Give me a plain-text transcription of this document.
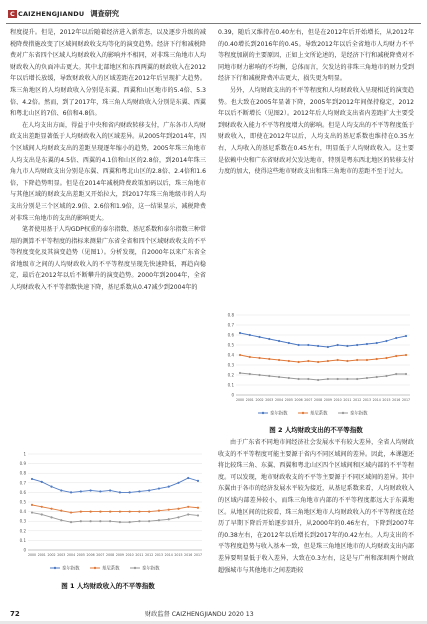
C CAIZHENGJIANDU 调查研究

程度提升。但是，2012年以后随着经济进入新常态，以及逐步升级的减税降费措施改变了区域间财政收支均等化的演变趋势。经济下行和减税降费对广东省四个区域人均财政收入的影响并不相同，对非珠三角地市人均财政收入的负面冲击更大。其中北部地区和东西两翼的财政收入在2012年以后增长放缓，导致财政收入的区域差距在2012年后呈现扩大趋势。珠三角地区的人均财政收入分别是东翼、西翼和山区地市的5.4倍、5.3倍、4.2倍。然而，到了2017年，珠三角人均财政收入分别是东翼、西翼和粤北山区的7倍、6倍和4.8倍。

在人均支出方面，得益于中央和省内财政转移支付，广东各市人均财政支出差距显著低于人均财政收入的区域差异。从2005年到2014年，四个区域间人均财政支出的差距呈现逐年缩小的趋势，2005年珠三角地市人均支出是东翼的4.5倍、西翼的4.1倍和山区的2.8倍，到2014年珠三角九市人均财政支出分别是东翼、西翼和粤北山区的2.8倍、2.4倍和1.6倍，下降趋势明显。但是在2014年减税降费政策加码以后，珠三角地市与其他区域的财政支出差距又开始拉大，到2017年珠三角地级市的人均支出分别是三个区域的2.9倍、2.6倍和1.9倍，这一结果显示，减税降费对非珠三角地市的支出的影响更大。

笔者使用基于人均GDP权重的泰尔指数、基尼系数和泰尔指数三种常用的测算不平等程度的指标来测量广东省全省和四个区域财政收支的不平等程度变化及其演变趋势（见图1）。分析发现，自2000年以来广东省全省地级市之间的人均财政收入的不平等程度呈现先快速降低，再趋向稳定，最后在2012年以后不断攀升的演变趋势。2000年到2004年，全省人均财政收入不平等指数快速下降，基尼系数从0.47减少到2004年的

0
0.1
0.2
0.3
0.4
0.5
0.6
0.7
0.8
0.9
1
2000 2001 2002 2003 2004 2005 2006 2007 2008 2009 2010 2011 2012 2013 2014 2015 2016 2017
泰尔指数	基尼系数	泰尔指数
图 1 人均财政收入的不平等指数

0.39，随后又维持在0.40左右，但是在2012年后开始增长，从2012年的0.40增长到2016年的0.45。导致2012年以后全省地市人均财力不平等程度加剧的主要原因，正如上文所论述的，是经济下行和减税降费对不同地市财力影响的不均衡，总体而言，欠发达的非珠三角地市的财力受到经济下行和减税降费冲击更大，损失更为明显。

另外，人均财政支出的不平等程度和人均财政收入呈现相近的演变趋势。也大致在2005年显著下降，2005年到2012年间保持稳定，2012年以后不断增长（见图2）。2012年后人均财政支出省内差距扩大主要受到财政收入能力不平等程度增大的影响。但是人均支出的不平等程度低于财政收入，即使在2012年以后，人均支出的基尼系数也维持在0.35左右，人均收入的基尼系数在0.45左右，明显低于人均财政收入。这主要是依赖中央和广东省财政对欠发达地市，特别是粤东西北地区的转移支付力度的加大，使得这些地市财政支出和珠三角地市的差距不至于过大。

0
0.1
0.2
0.3
0.4
0.5
0.6
0.7
0.8
2000 2001 2002 2003 2004 2005 2006 2007 2008 2009 2010 2011 2012 2013 2014 2015 2016 2017
泰尔指数	基尼系数	泰尔指数
图 2 人均财政支出的不平等指数

由于广东省不同地市间经济社会发展水平有较大差异，全省人均财政收支的不平等程度可能主要源于省内不同区域间的差异。因此，本课题还将比较珠三角、东翼、西翼和粤北山区四个区域间和区域内部的不平等程度。可以发现，地市财政收支的不平等主要源于不同区域间的差异。其中东翼由于各市的经济发展水平较为接近，从基尼系数来看，人均财政收入的区域内部差异较小，而珠三角地市内部的不平等程度都远大于东翼地区。从地区间的比较看，珠三角地区地市人均财政收入的不平等程度在经历了早期下降后开始逐步回升，从2000年的0.46左右，下降到2007年的0.38左右，在2012年以后增长到2017年的0.42左右。人均支出的不平等程度趋势与收入基本一致，但是珠三角地区地市的人均财政支出内部差异要明显低于收入差异，大致在0.3左右，这是与广州和深圳两个财政超强城市与其他地市之间差距较

72	财政监督 CAIZHENGJIANDU 2020 13
